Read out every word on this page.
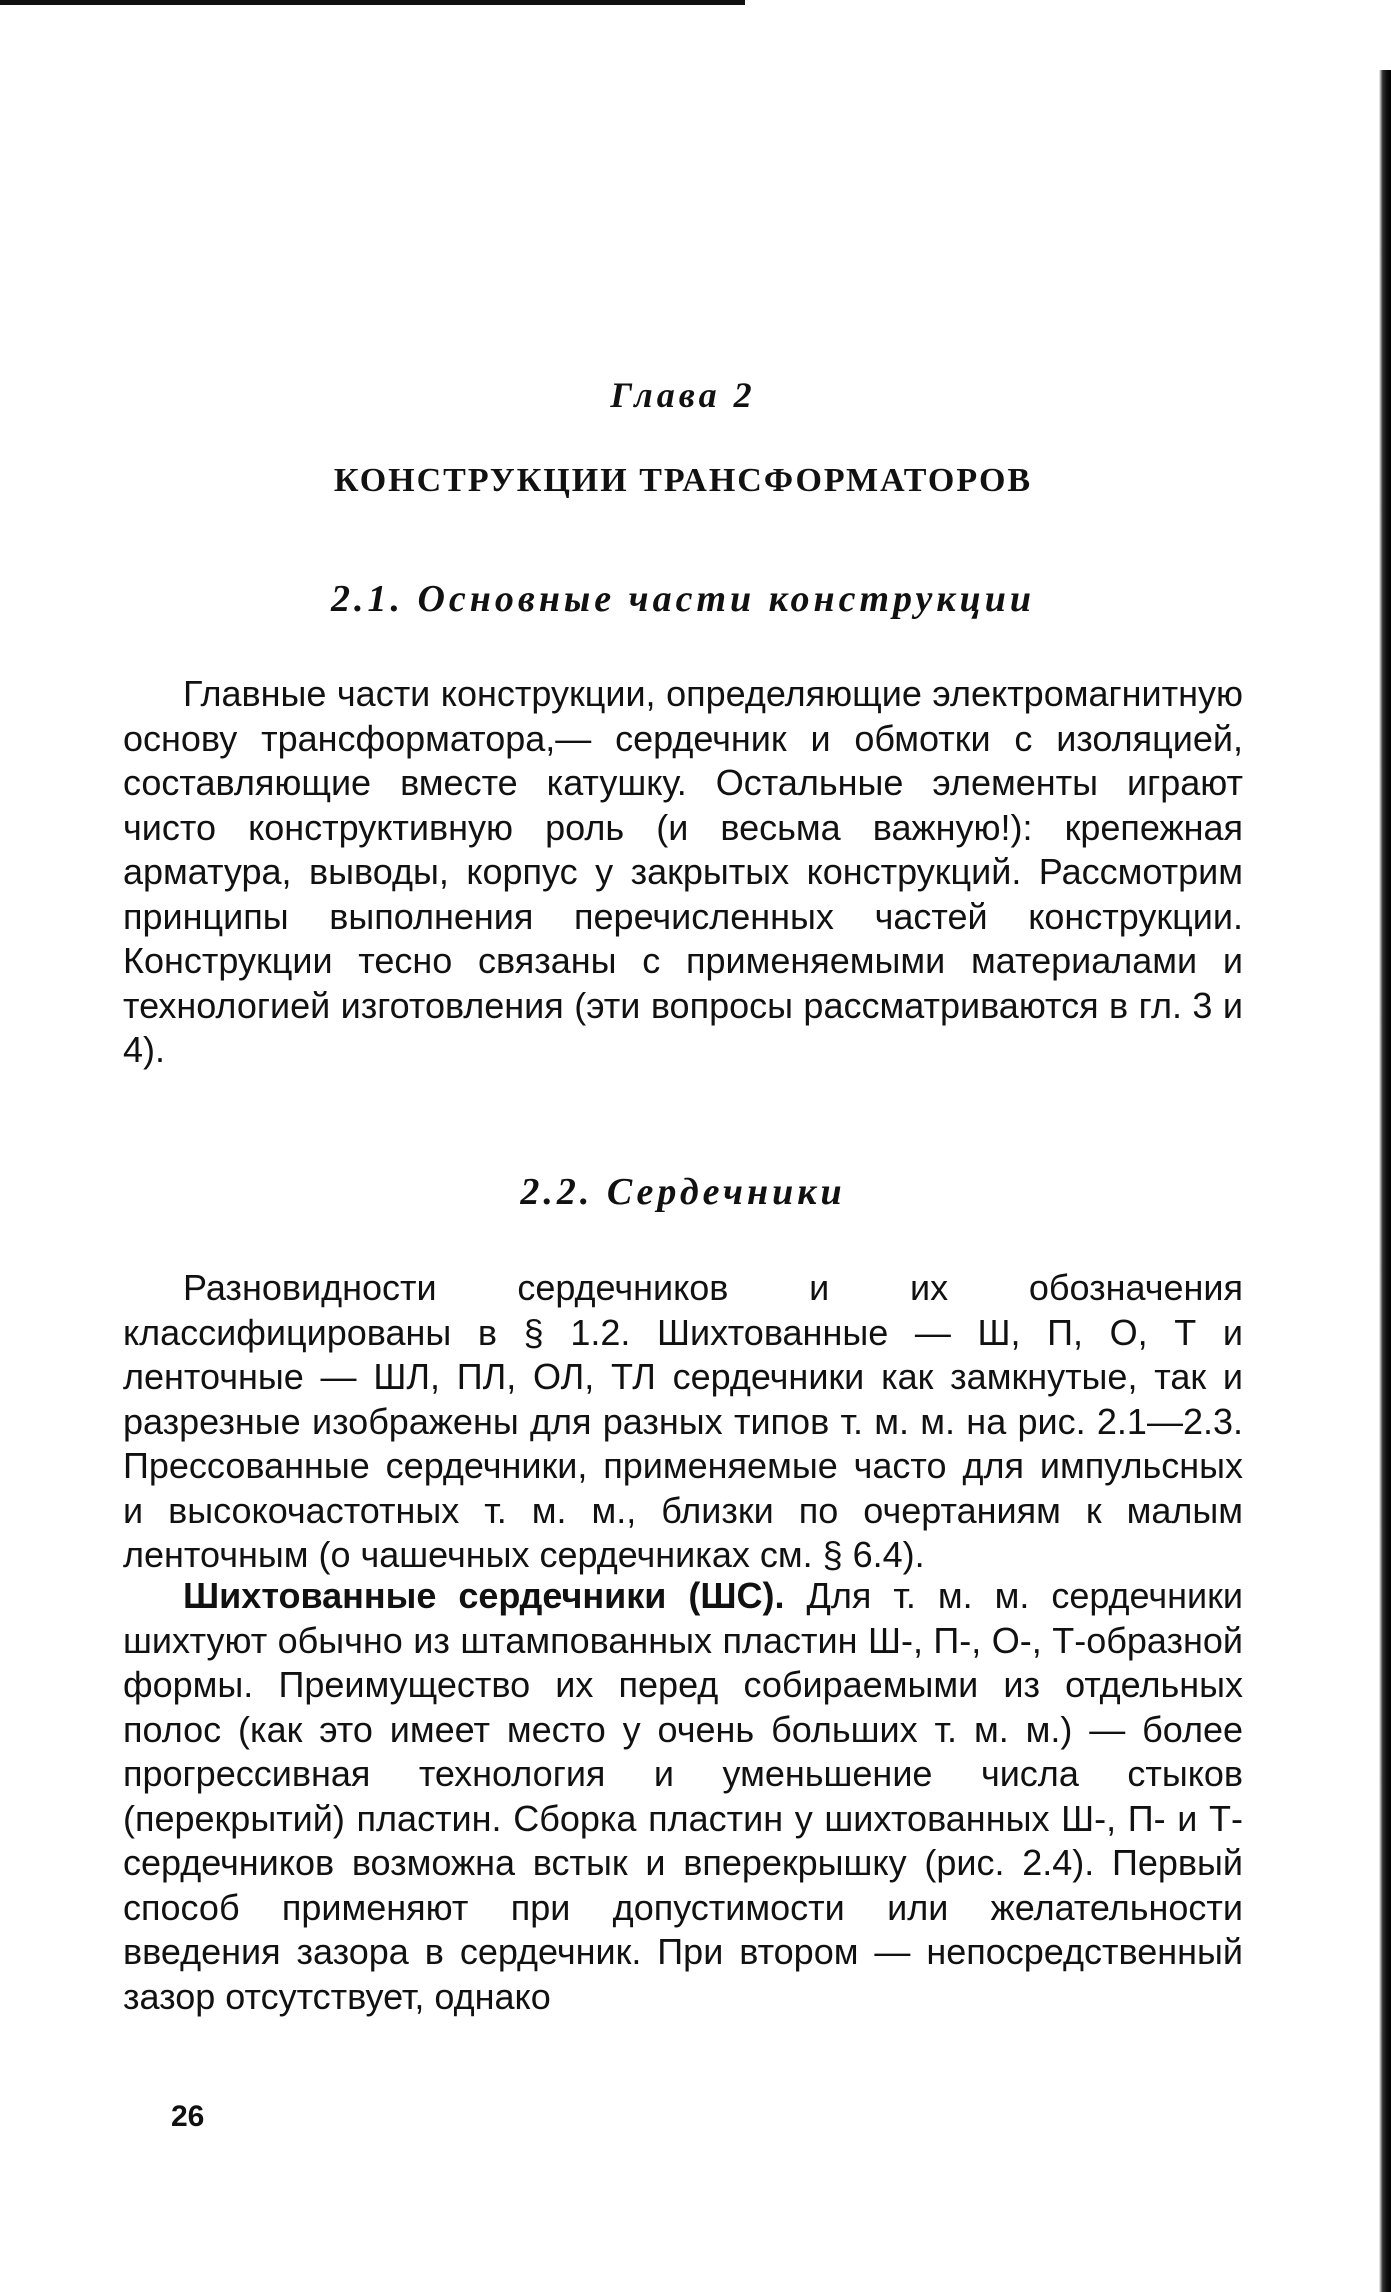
Глава 2
КОНСТРУКЦИИ ТРАНСФОРМАТОРОВ
2.1. Основные части конструкции

Главные части конструкции, определяющие электромагнитную основу трансформатора,— сердечник и обмотки с изоляцией, составляющие вместе катушку. Остальные элементы играют чисто конструктивную роль (и весьма важную!): крепежная арматура, выводы, корпус у закрытых конструкций. Рассмотрим принципы выполнения перечисленных частей конструкции. Конструкции тесно связаны с применяемыми материалами и технологией изготовления (эти вопросы рассматриваются в гл. 3 и 4).

2.2. Сердечники

Разновидности сердечников и их обозначения классифицированы в § 1.2. Шихтованные — Ш, П, О, Т и ленточные — ШЛ, ПЛ, ОЛ, ТЛ сердечники как замкнутые, так и разрезные изображены для разных типов т. м. м. на рис. 2.1—2.3. Прессованные сердечники, применяемые часто для импульсных и высокочастотных т. м. м., близки по очертаниям к малым ленточным (о чашечных сердечниках см. § 6.4).

Шихтованные сердечники (ШС). Для т. м. м. сердечники шихтуют обычно из штампованных пластин Ш-, П-, О-, Т-образной формы. Преимущество их перед собираемыми из отдельных полос (как это имеет место у очень больших т. м. м.) — более прогрессивная технология и уменьшение числа стыков (перекрытий) пластин. Сборка пластин у шихтованных Ш-, П- и Т-сердечников возможна встык и вперекрышку (рис. 2.4). Первый способ применяют при допустимости или желательности введения зазора в сердечник. При втором — непосредственный зазор отсутствует, однако

26
